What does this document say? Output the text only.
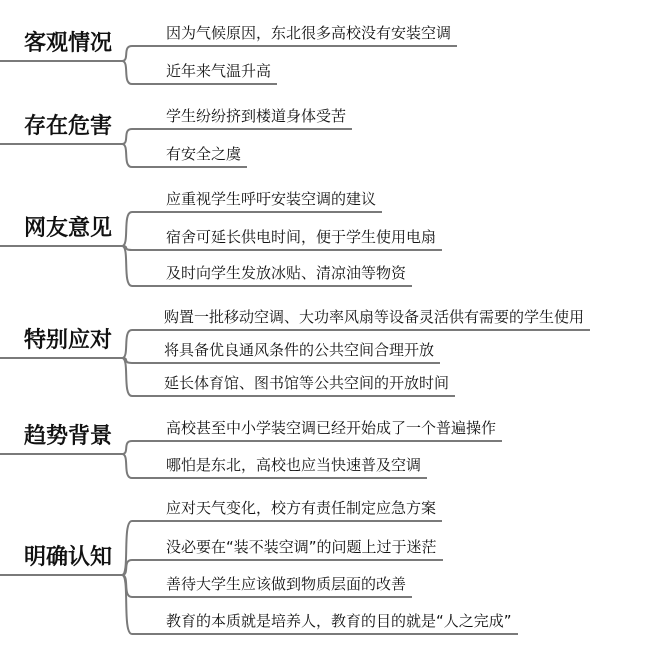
客观情况	因为气候原因，东北很多高校没有安装空调
近年来气温升高
存在危害	学生纷纷挤到楼道身体受苦
有安全之虞
网友意见
应重视学生呼吁安装空调的建议
宿舍可延长供电时间，便于学生使用电扇
及时向学生发放冰贴、清凉油等物资
特别应对
购置一批移动空调、大功率风扇等设备灵活供有需要的学生使用
将具备优良通风条件的公共空间合理开放
延长体育馆、图书馆等公共空间的开放时间
趋势背景	高校甚至中小学装空调已经开始成了一个普遍操作
哪怕是东北，高校也应当快速普及空调
明确认知
应对天气变化，校方有责任制定应急方案
没必要在“装不装空调”的问题上过于迷茫
善待大学生应该做到物质层面的改善
教育的本质就是培养人，教育的目的就是“人之完成”
